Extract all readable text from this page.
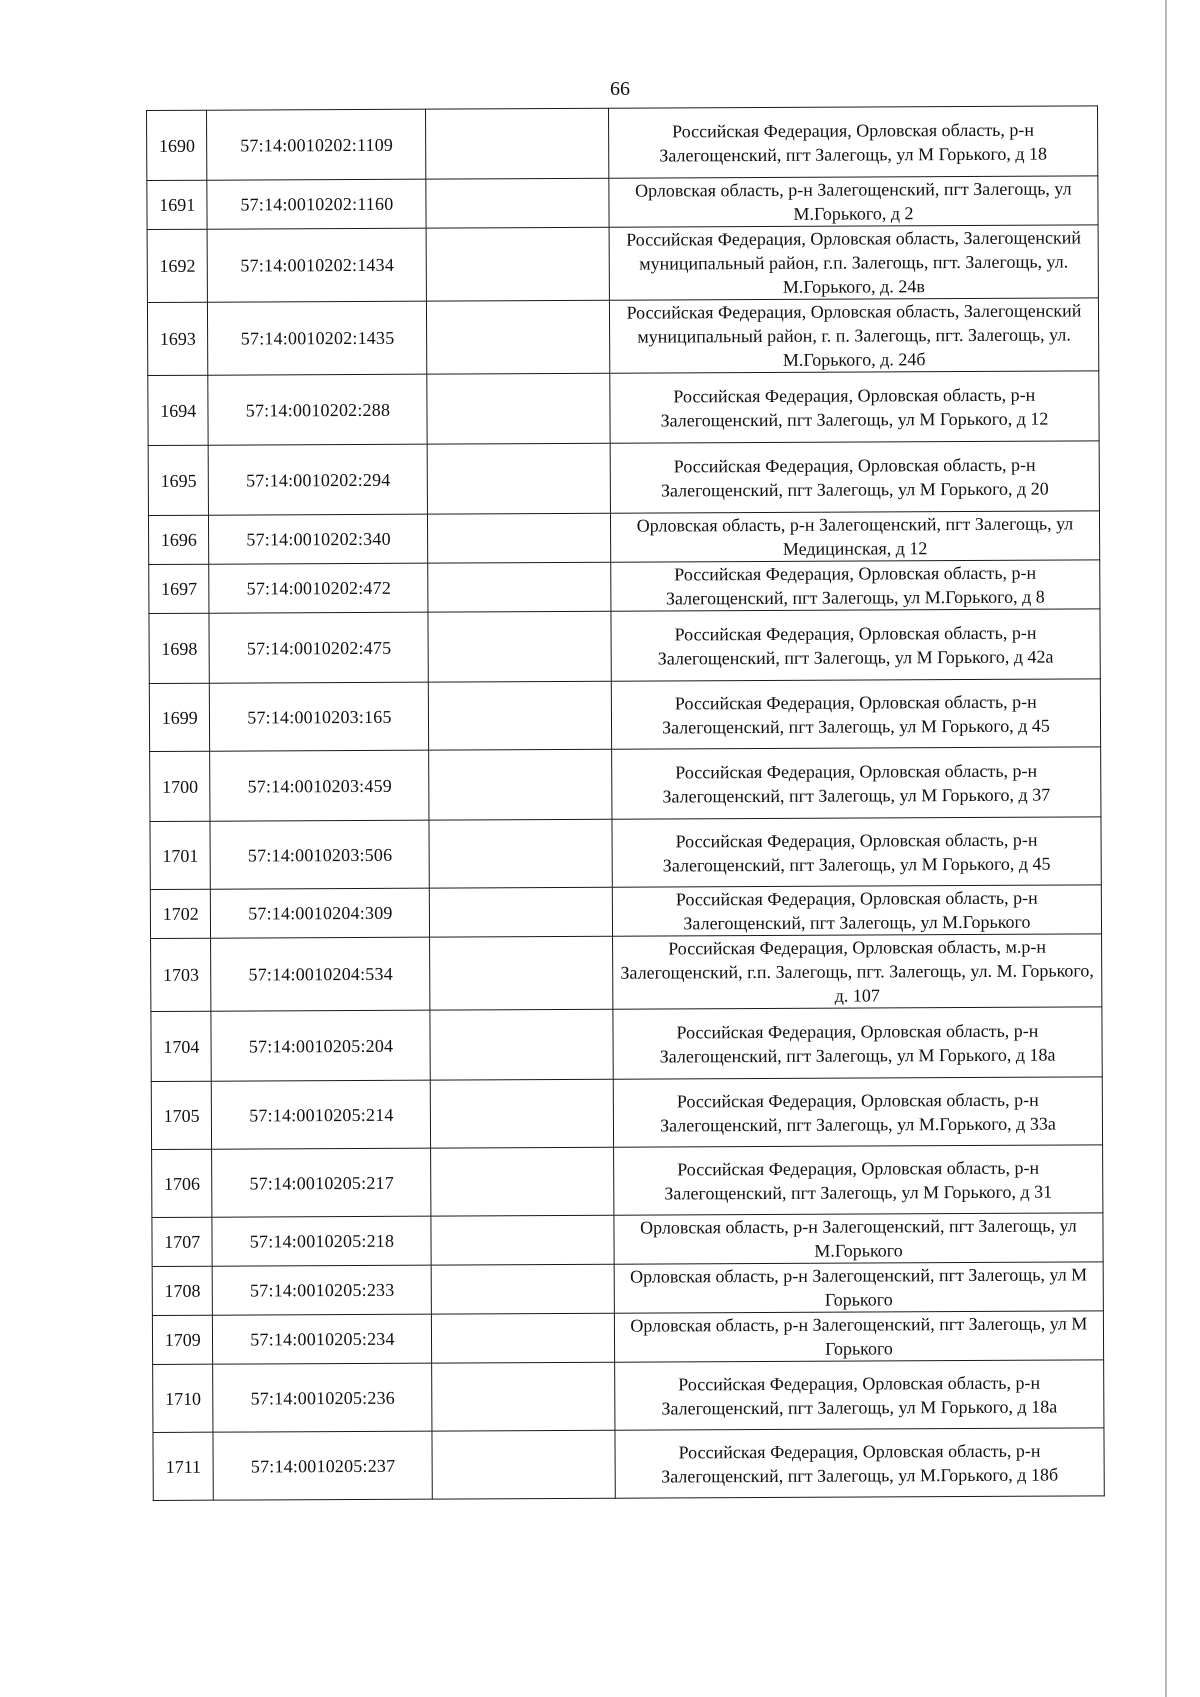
66
1690	57:14:0010202:1109		Российская Федерация, Орловская область, р-н Залегощенский, пгт Залегощь, ул М Горького, д 18
1691	57:14:0010202:1160		Орловская область, р-н Залегощенский, пгт Залегощь, ул М.Горького, д 2
1692	57:14:0010202:1434		Российская Федерация, Орловская область, Залегощенский муниципальный район, г.п. Залегощь, пгт. Залегощь, ул. М.Горького, д. 24в
1693	57:14:0010202:1435		Российская Федерация, Орловская область, Залегощенский муниципальный район, г. п. Залегощь, пгт. Залегощь, ул. М.Горького, д. 24б
1694	57:14:0010202:288		Российская Федерация, Орловская область, р-н Залегощенский, пгт Залегощь, ул М Горького, д 12
1695	57:14:0010202:294		Российская Федерация, Орловская область, р-н Залегощенский, пгт Залегощь, ул М Горького, д 20
1696	57:14:0010202:340		Орловская область, р-н Залегощенский, пгт Залегощь, ул Медицинская, д 12
1697	57:14:0010202:472		Российская Федерация, Орловская область, р-н Залегощенский, пгт Залегощь, ул М.Горького, д 8
1698	57:14:0010202:475		Российская Федерация, Орловская область, р-н Залегощенский, пгт Залегощь, ул М Горького, д 42а
1699	57:14:0010203:165		Российская Федерация, Орловская область, р-н Залегощенский, пгт Залегощь, ул М Горького, д 45
1700	57:14:0010203:459		Российская Федерация, Орловская область, р-н Залегощенский, пгт Залегощь, ул М Горького, д 37
1701	57:14:0010203:506		Российская Федерация, Орловская область, р-н Залегощенский, пгт Залегощь, ул М Горького, д 45
1702	57:14:0010204:309		Российская Федерация, Орловская область, р-н Залегощенский, пгт Залегощь, ул М.Горького
1703	57:14:0010204:534		Российская Федерация, Орловская область, м.р-н Залегощенский, г.п. Залегощь, пгт. Залегощь, ул. М. Горького, д. 107
1704	57:14:0010205:204		Российская Федерация, Орловская область, р-н Залегощенский, пгт Залегощь, ул М Горького, д 18а
1705	57:14:0010205:214		Российская Федерация, Орловская область, р-н Залегощенский, пгт Залегощь, ул М.Горького, д 33а
1706	57:14:0010205:217		Российская Федерация, Орловская область, р-н Залегощенский, пгт Залегощь, ул М Горького, д 31
1707	57:14:0010205:218		Орловская область, р-н Залегощенский, пгт Залегощь, ул М.Горького
1708	57:14:0010205:233		Орловская область, р-н Залегощенский, пгт Залегощь, ул М Горького
1709	57:14:0010205:234		Орловская область, р-н Залегощенский, пгт Залегощь, ул М Горького
1710	57:14:0010205:236		Российская Федерация, Орловская область, р-н Залегощенский, пгт Залегощь, ул М Горького, д 18а
1711	57:14:0010205:237		Российская Федерация, Орловская область, р-н Залегощенский, пгт Залегощь, ул М.Горького, д 18б
